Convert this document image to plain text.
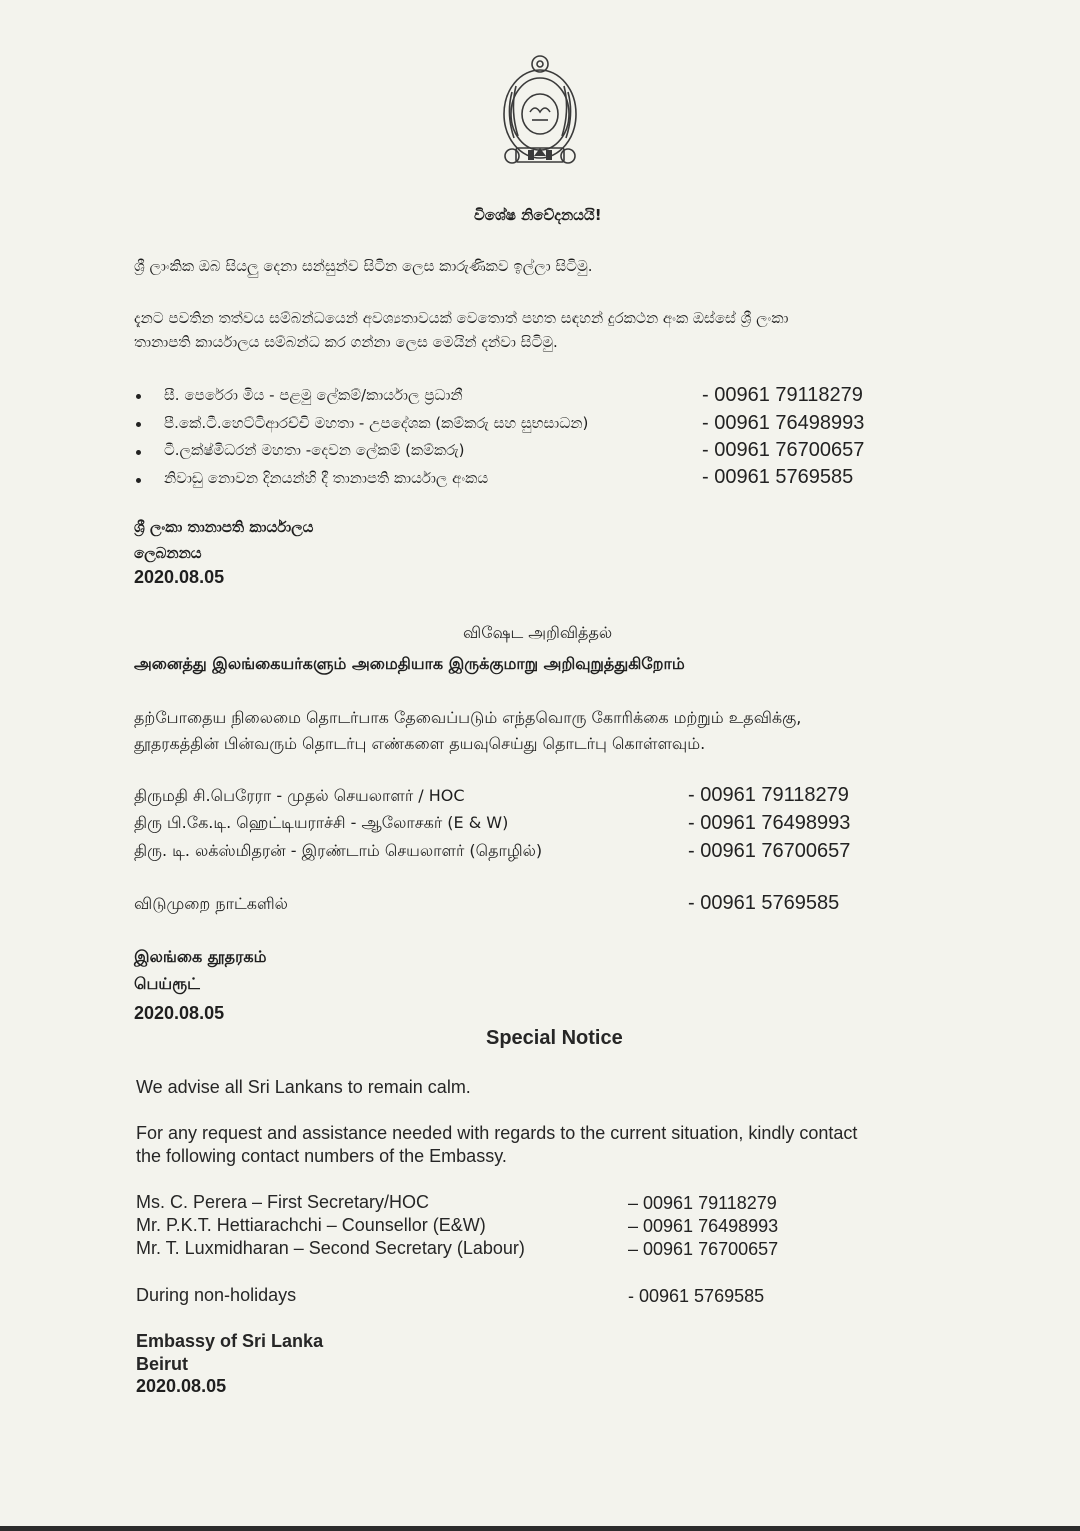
විශේෂ නිවේදනයයි!
ශ්‍රී ලාංකික ඔබ සියලු දෙනා සන්සුන්ව සිටින ලෙස කාරුණිකව ඉල්ලා සිටිමු.
දැනට පවතින තත්වය සම්බන්ධයෙන් අවශ්‍යතාවයක් වෙතොත් පහත සඳහන් දුරකථන අංක ඔස්සේ ශ්‍රී ලංකා
තානාපති කාර්යාලය සම්බන්ධ කර ගන්නා ලෙස මෙයින් දන්වා සිටිමු.
සී. පෙරේරා මිය - පළමු ලේකම්/කාර්යාල ප්‍රධානී	- 00961 79118279
පී.කේ.ටී.හෙට්ටිආරච්චි මහතා - උපදේශක (කම්කරු සහ සුභසාධන)	- 00961 76498993
ටී.ලක්ෂ්මිධරන් මහතා -දෙවන ලේකම් (කම්කරු)	- 00961 76700657
නිවාඩු නොවන දිනයන්හි දී තානාපති කාර්යාල අංකය	- 00961 5769585
ශ්‍රී ලංකා තානාපති කාර්යාලය
ලෙබනනය
2020.08.05
விஷேட அறிவித்தல்
அனைத்து இலங்கையர்களும் அமைதியாக இருக்குமாறு அறிவுறுத்துகிறோம்
தற்போதைய நிலைமை தொடர்பாக தேவைப்படும் எந்தவொரு கோரிக்கை மற்றும் உதவிக்கு,
தூதரகத்தின் பின்வரும் தொடர்பு எண்களை தயவுசெய்து தொடர்பு கொள்ளவும்.
திருமதி சி.பெரேரா - முதல் செயலாளர் / HOC	- 00961 79118279
திரு பி.கே.டி. ஹெட்டியராச்சி - ஆலோசகர் (E & W)	- 00961 76498993
திரு. டி. லக்ஸ்மிதரன் - இரண்டாம் செயலாளர் (தொழில்)	- 00961 76700657
விடுமுறை நாட்களில்	- 00961 5769585
இலங்கை தூதரகம்
பெய்ரூட்
2020.08.05
Special Notice
We advise all Sri Lankans to remain calm.
For any request and assistance needed with regards to the current situation, kindly contact
the following contact numbers of the Embassy.
Ms. C. Perera – First Secretary/HOC	– 00961 79118279
Mr. P.K.T. Hettiarachchi – Counsellor (E&W)	– 00961 76498993
Mr. T. Luxmidharan – Second Secretary (Labour)	– 00961 76700657
During non-holidays	- 00961 5769585
Embassy of Sri Lanka
Beirut
2020.08.05
